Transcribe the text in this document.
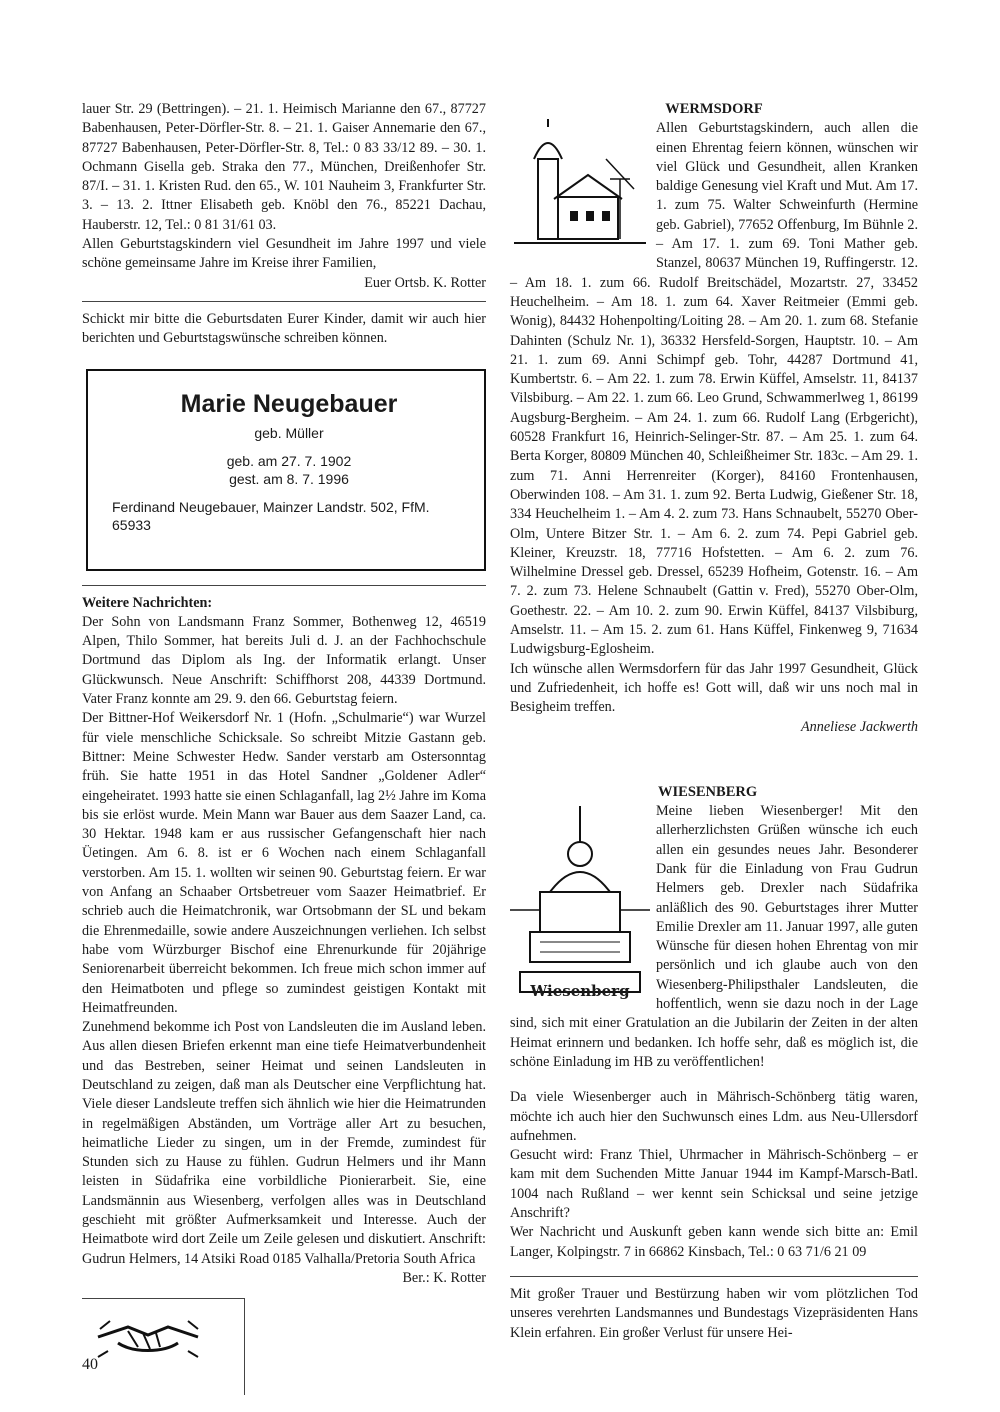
lauer Str. 29 (Bettringen). – 21. 1. Heimisch Marianne den 67., 87727 Babenhausen, Peter-Dörfler-Str. 8. – 21. 1. Gaiser Annemarie den 67., 87727 Babenhausen, Peter-Dörfler-Str. 8, Tel.: 0 83 33/12 89. – 30. 1. Ochmann Gisella geb. Straka den 77., München, Dreißenhofer Str. 87/I. – 31. 1. Kristen Rud. den 65., W. 101 Nauheim 3, Frankfurter Str. 3. – 13. 2. Ittner Elisabeth geb. Knöbl den 76., 85221 Dachau, Hauberstr. 12, Tel.: 0 81 31/61 03.

Allen Geburtstagskindern viel Gesundheit im Jahre 1997 und viele schöne gemeinsame Jahre im Kreise ihrer Familien,

Euer Ortsb. K. Rotter

Schickt mir bitte die Geburtsdaten Eurer Kinder, damit wir auch hier berichten und Geburtstagswünsche schreiben können.

Marie Neugebauer
geb. Müller
geb. am 27. 7. 1902
gest. am 8. 7. 1996
Ferdinand Neugebauer, Mainzer Landstr. 502, FfM. 65933

Weitere Nachrichten:

Der Sohn von Landsmann Franz Sommer, Bothenweg 12, 46519 Alpen, Thilo Sommer, hat bereits Juli d. J. an der Fachhochschule Dortmund das Diplom als Ing. der Informatik erlangt. Unser Glückwunsch. Neue Anschrift: Schiffhorst 208, 44339 Dortmund. Vater Franz konnte am 29. 9. den 66. Geburtstag feiern.

Der Bittner-Hof Weikersdorf Nr. 1 (Hofn. „Schulmarie“) war Wurzel für viele menschliche Schicksale. So schreibt Mitzie Gastann geb. Bittner: Meine Schwester Hedw. Sander verstarb am Ostersonntag früh. Sie hatte 1951 in das Hotel Sandner „Goldener Adler“ eingeheiratet. 1993 hatte sie einen Schlaganfall, lag 2½ Jahre im Koma bis sie erlöst wurde. Mein Mann war Bauer aus dem Saazer Land, ca. 30 Hektar. 1948 kam er aus russischer Gefangenschaft hier nach Üetingen. Am 6. 8. ist er 6 Wochen nach einem Schlaganfall verstorben. Am 15. 1. wollten wir seinen 90. Geburtstag feiern. Er war von Anfang an Schaaber Ortsbetreuer vom Saazer Heimatbrief. Er schrieb auch die Heimatchronik, war Ortsobmann der SL und bekam die Ehrenmedaille, sowie andere Auszeichnungen verliehen. Ich selbst habe vom Würzburger Bischof eine Ehrenurkunde für 20jährige Seniorenarbeit überreicht bekommen. Ich freue mich schon immer auf den Heimatboten und pflege so zumindest geistigen Kontakt mit Heimatfreunden.

Zunehmend bekomme ich Post von Landsleuten die im Ausland leben. Aus allen diesen Briefen erkennt man eine tiefe Heimatverbundenheit und das Bestreben, seiner Heimat und seinen Landsleuten in Deutschland zu zeigen, daß man als Deutscher eine Verpflichtung hat. Viele dieser Landsleute treffen sich ähnlich wie hier die Heimatrunden in regelmäßigen Abständen, um Vorträge aller Art zu besuchen, heimatliche Lieder zu singen, um in der Fremde, zumindest für Stunden sich zu Hause zu fühlen. Gudrun Helmers und ihr Mann leisten in Südafrika eine vorbildliche Pionierarbeit. Sie, eine Landsmännin aus Wiesenberg, verfolgen alles was in Deutschland geschieht mit größter Aufmerksamkeit und Interesse. Auch der Heimatbote wird dort Zeile um Zeile gelesen und diskutiert. Anschrift: Gudrun Helmers, 14 Atsiki Road 0185 Valhalla/Pretoria South Africa

Ber.: K. Rotter

WERMSDORF

Allen Geburtstagskindern, auch allen die einen Ehrentag feiern können, wünschen wir viel Glück und Gesundheit, allen Kranken baldige Genesung viel Kraft und Mut. Am 17. 1. zum 75. Walter Schweinfurth (Hermine geb. Gabriel), 77652 Offenburg, Im Bühnle 2. – Am 17. 1. zum 69. Toni Mather geb. Stanzel, 80637 München 19, Ruffingerstr. 12. – Am 18. 1. zum 66. Rudolf Breitschädel, Mozartstr. 27, 33452 Heuchelheim. – Am 18. 1. zum 64. Xaver Reitmeier (Emmi geb. Wonig), 84432 Hohenpolting/Loiting 28. – Am 20. 1. zum 68. Stefanie Dahinten (Schulz Nr. 1), 36332 Hersfeld-Sorgen, Hauptstr. 10. – Am 21. 1. zum 69. Anni Schimpf geb. Tohr, 44287 Dortmund 41, Kumbertstr. 6. – Am 22. 1. zum 78. Erwin Küffel, Amselstr. 11, 84137 Vilsbiburg. – Am 22. 1. zum 66. Leo Grund, Schwammerlweg 1, 86199 Augsburg-Bergheim. – Am 24. 1. zum 66. Rudolf Lang (Erbgericht), 60528 Frankfurt 16, Heinrich-Selinger-Str. 87. – Am 25. 1. zum 64. Berta Korger, 80809 München 40, Schleißheimer Str. 183c. – Am 29. 1. zum 71. Anni Herrenreiter (Korger), 84160 Frontenhausen, Oberwinden 108. – Am 31. 1. zum 92. Berta Ludwig, Gießener Str. 18, 334 Heuchelheim 1. – Am 4. 2. zum 73. Hans Schnaubelt, 55270 Ober-Olm, Untere Bitzer Str. 1. – Am 6. 2. zum 74. Pepi Gabriel geb. Kleiner, Kreuzstr. 18, 77716 Hofstetten. – Am 6. 2. zum 76. Wilhelmine Dressel geb. Dressel, 65239 Hofheim, Gotenstr. 16. – Am 7. 2. zum 73. Helene Schnaubelt (Gattin v. Fred), 55270 Ober-Olm, Goethestr. 22. – Am 10. 2. zum 90. Erwin Küffel, 84137 Vilsbiburg, Amselstr. 11. – Am 15. 2. zum 61. Hans Küffel, Finkenweg 9, 71634 Ludwigsburg-Eglosheim.

Ich wünsche allen Wermsdorfern für das Jahr 1997 Gesundheit, Glück und Zufriedenheit, ich hoffe es! Gott will, daß wir uns noch mal in Besigheim treffen.

Anneliese Jackwerth

WIESENBERG

Wiesenberg

Meine lieben Wiesenberger! Mit den allerherzlichsten Grüßen wünsche ich euch allen ein gesundes neues Jahr. Besonderer Dank für die Einladung von Frau Gudrun Helmers geb. Drexler nach Südafrika anläßlich des 90. Geburtstages ihrer Mutter Emilie Drexler am 11. Januar 1997, alle guten Wünsche für diesen hohen Ehrentag von mir persönlich und ich glaube auch von den Wiesenberg-Philipsthaler Landsleuten, die hoffentlich, wenn sie dazu noch in der Lage sind, sich mit einer Gratulation an die Jubilarin der Zeiten in der alten Heimat erinnern und bedanken. Ich hoffe sehr, daß es möglich ist, die schöne Einladung im HB zu veröffentlichen!

Da viele Wiesenberger auch in Mährisch-Schönberg tätig waren, möchte ich auch hier den Suchwunsch eines Ldm. aus Neu-Ullersdorf aufnehmen.

Gesucht wird: Franz Thiel, Uhrmacher in Mährisch-Schönberg – er kam mit dem Suchenden Mitte Januar 1944 im Kampf-Marsch-Batl. 1004 nach Rußland – wer kennt sein Schicksal und seine jetzige Anschrift?

Wer Nachricht und Auskunft geben kann wende sich bitte an: Emil Langer, Kolpingstr. 7 in 66862 Kinsbach, Tel.: 0 63 71/6 21 09

Mit großer Trauer und Bestürzung haben wir vom plötzlichen Tod unseres verehrten Landsmannes und Bundestags Vizepräsidenten Hans Klein erfahren. Ein großer Verlust für unsere Hei-

40
